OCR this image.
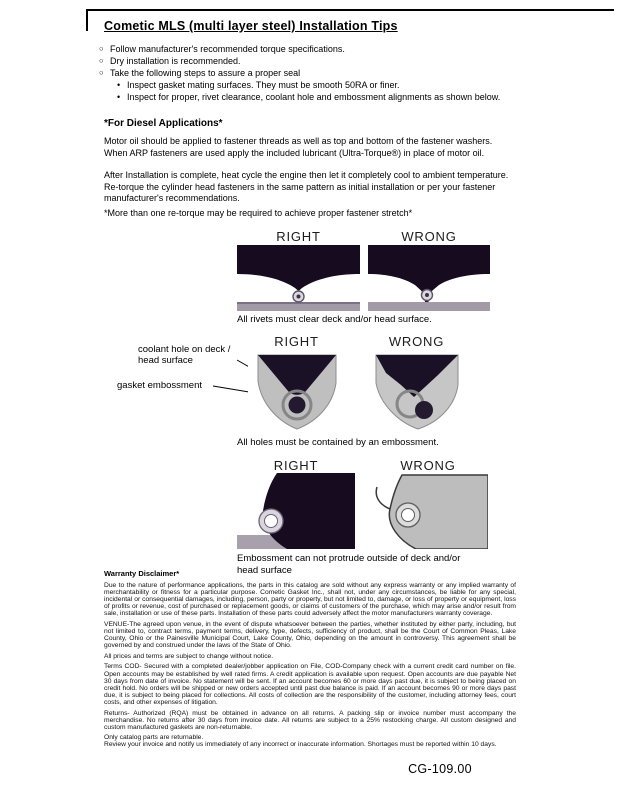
Cometic MLS (multi layer steel) Installation Tips
○ Follow manufacturer's recommended torque specifications.
○ Dry installation is recommended.
○ Take the following steps to assure a proper seal
• Inspect gasket mating surfaces. They must be smooth 50RA or finer.
• Inspect for proper, rivet clearance, coolant hole and embossment alignments as shown below.
*For Diesel Applications*
Motor oil should be applied to fastener threads as well as top and bottom of the fastener washers. When ARP fasteners are used apply the included lubricant (Ultra-Torque®) in place of motor oil.
After Installation is complete, heat cycle the engine then let it completely cool to ambient temperature. Re-torque the cylinder head fasteners in the same pattern as initial installation or per your fastener manufacturer's recommendations.
*More than one re-torque may be required to achieve proper fastener stretch*
RIGHT	WRONG
All rivets must clear deck and/or head surface.
RIGHT	WRONG
coolant hole on deck / head surface
gasket embossment
All holes must be contained by an embossment.
RIGHT	WRONG
Embossment can not protrude outside of deck and/or head surface
Warranty Disclaimer*

Due to the nature of performance applications, the parts in this catalog are sold without any express warranty or any implied warranty of merchantability or fitness for a particular purpose. Cometic Gasket Inc., shall not, under any circumstances, be liable for any special, incidental or consequential damages, including, person, party or property, but not limited to, damage, or loss of property or equipment, loss of profits or revenue, cost of purchased or replacement goods, or claims of customers of the purchase, which may arise and/or result from sale, installation or use of these parts. Installation of these parts could adversely affect the motor manufacturers warranty coverage.

VENUE-The agreed upon venue, in the event of dispute whatsoever between the parties, whether instituted by either party, including, but not limited to, contract terms, payment terms, delivery, type, defects, sufficiency of product, shall be the Court of Common Pleas, Lake County, Ohio or the Painesville Municipal Court, Lake County, Ohio, depending on the amount in controversy. This agreement shall be governed by and construed under the laws of the State of Ohio.

All prices and terms are subject to change without notice.

Terms COD- Secured with a completed dealer/jobber application on File, COD-Company check with a current credit card number on file. Open accounts may be established by well rated firms. A credit application is available upon request. Open accounts are due payable Net 30 days from date of invoice. No statement will be sent. If an account becomes 60 or more days past due, it is subject to being placed on credit hold. No orders will be shipped or new orders accepted until past due balance is paid. If an account becomes 90 or more days past due, it is subject to being placed for collections. All costs of collection are the responsibility of the customer, including attorney fees, court costs, and other expenses of litigation.

Returns- Authorized (RQA) must be obtained in advance on all returns. A packing slip or invoice number must accompany the merchandise. No returns after 30 days from invoice date. All returns are subject to a 25% restocking charge. All custom designed and custom manufactured gaskets are non-returnable.

Only catalog parts are returnable.

Review your invoice and notify us immediately of any incorrect or inaccurate information. Shortages must be reported within 10 days.

CG-109.00
